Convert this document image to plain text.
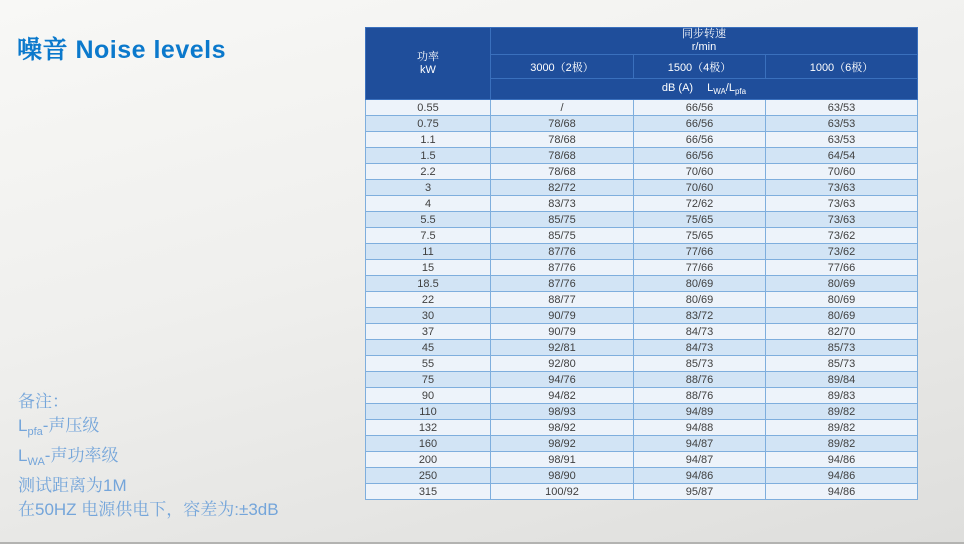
噪音 Noise levels	功率
kW

同步转速
r/min

	3000（2极）	1500（4极）	1000（6极）
	dB (A) $L_{WA}/L_{pfa}$
0.55	/	66/56	63/53
0.75	78/68	66/56	63/53
1.1	78/68	66/56	63/53
1.5	78/68	66/56	64/54
2.2	78/68	70/60	70/60
3	82/72	70/60	73/63
4	83/73	72/62	73/63
5.5	85/75	75/65	73/63
7.5	85/75	75/65	73/62
11	87/76	77/66	73/62
15	87/76	77/66	77/66
18.5	87/76	80/69	80/69
22	88/77	80/69	80/69
30	90/79	83/72	80/69
37	90/79	84/73	82/70
45	92/81	84/73	85/73
55	92/80	85/73	85/73
75	94/76	88/76	89/84
90	94/82	88/76	89/83
110	98/93	94/89	89/82
132	98/92	94/88	89/82
160	98/92	94/87	89/82
200	98/91	94/87	94/86
250	98/90	94/86	94/86
315	100/92	95/87	94/86
备注：
$L_{pfa}-$声压级
$L_{WA}-$声功率级
测试距离为1M
在50HZ 电源供电下，容差为:±3dB
